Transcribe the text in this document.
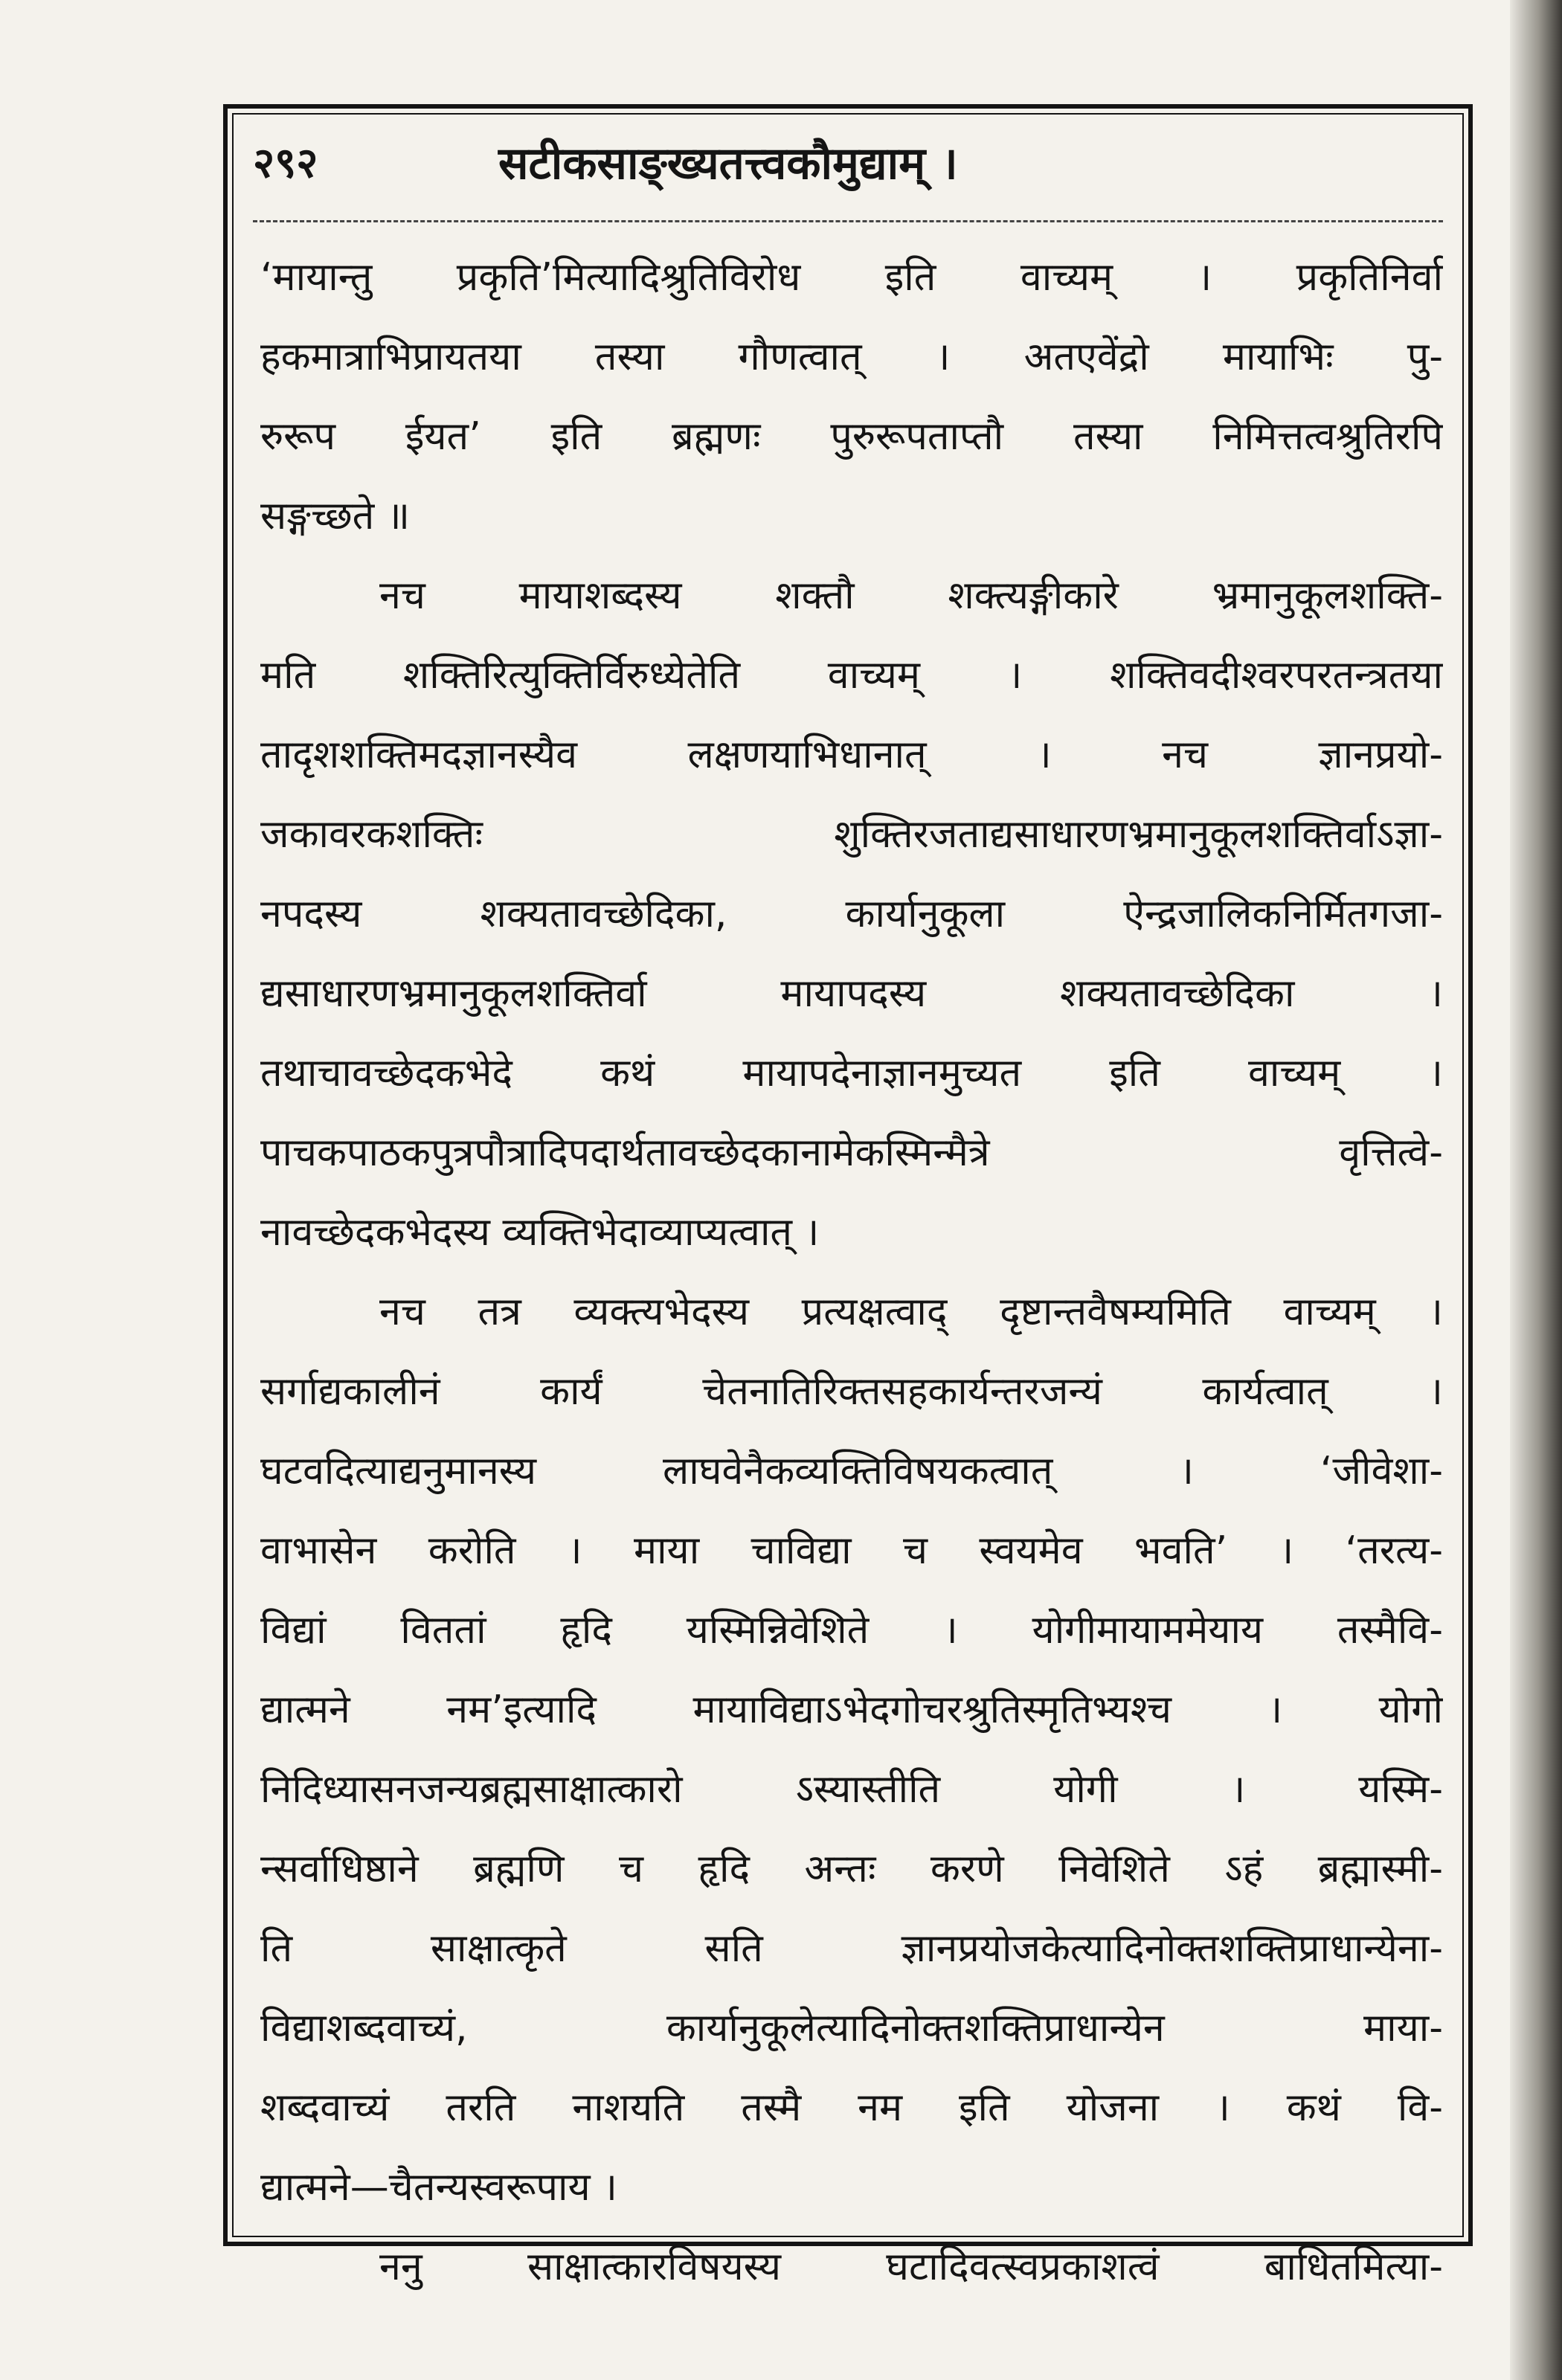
२९२	सटीकसाङ्ख्यतत्त्वकौमुद्याम् ।
‘मायान्तु प्रकृति’मित्यादिश्रुतिविरोध इति वाच्यम् । प्रकृतिनिर्वा
हकमात्राभिप्रायतया तस्या गौणत्वात् । अतएवेंद्रो मायाभिः पु-
रुरूप ईयत’ इति ब्रह्मणः पुरुरूपताप्तौ तस्या निमित्तत्वश्रुतिरपि
सङ्गच्छते ॥
नच मायाशब्दस्य शक्तौ शक्त्यङ्गीकारे भ्रमानुकूलशक्ति-
मति शक्तिरित्युक्तिर्विरुध्येतेति वाच्यम् । शक्तिवदीश्वरपरतन्त्रतया
तादृशशक्तिमदज्ञानस्यैव लक्षणयाभिधानात् । नच ज्ञानप्रयो-
जकावरकशक्तिः शुक्तिरजताद्यसाधारणभ्रमानुकूलशक्तिर्वाऽज्ञा-
नपदस्य शक्यतावच्छेदिका, कार्यानुकूला ऐन्द्रजालिकनिर्मितगजा-
द्यसाधारणभ्रमानुकूलशक्तिर्वा मायापदस्य शक्यतावच्छेदिका ।
तथाचावच्छेदकभेदे कथं मायापदेनाज्ञानमुच्यत इति वाच्यम् ।
पाचकपाठकपुत्रपौत्रादिपदार्थतावच्छेदकानामेकस्मिन्मैत्रे वृत्तित्वे-
नावच्छेदकभेदस्य व्यक्तिभेदाव्याप्यत्वात् ।
नच तत्र व्यक्त्यभेदस्य प्रत्यक्षत्वाद् दृष्टान्तवैषम्यमिति वाच्यम् ।
सर्गाद्यकालीनं कार्यं चेतनातिरिक्तसहकार्यन्तरजन्यं कार्यत्वात् ।
घटवदित्याद्यनुमानस्य लाघवेनैकव्यक्तिविषयकत्वात् । ‘जीवेशा-
वाभासेन करोति । माया चाविद्या च स्वयमेव भवति’ । ‘तरत्य-
विद्यां विततां हृदि यस्मिन्निवेशिते । योगीमायाममेयाय तस्मैवि-
द्यात्मने नम’इत्यादि मायाविद्याऽभेदगोचरश्रुतिस्मृतिभ्यश्च । योगो
निदिध्यासनजन्यब्रह्मसाक्षात्कारो ऽस्यास्तीति योगी । यस्मि-
न्सर्वाधिष्ठाने ब्रह्मणि च हृदि अन्तः करणे निवेशिते ऽहं ब्रह्मास्मी-
ति साक्षात्कृते सति ज्ञानप्रयोजकेत्यादिनोक्तशक्तिप्राधान्येना-
विद्याशब्दवाच्यं, कार्यानुकूलेत्यादिनोक्तशक्तिप्राधान्येन माया-
शब्दवाच्यं तरति नाशयति तस्मै नम इति योजना । कथं वि-
द्यात्मने—चैतन्यस्वरूपाय ।
ननु साक्षात्कारविषयस्य घटादिवत्स्वप्रकाशत्वं बाधितमित्या-
